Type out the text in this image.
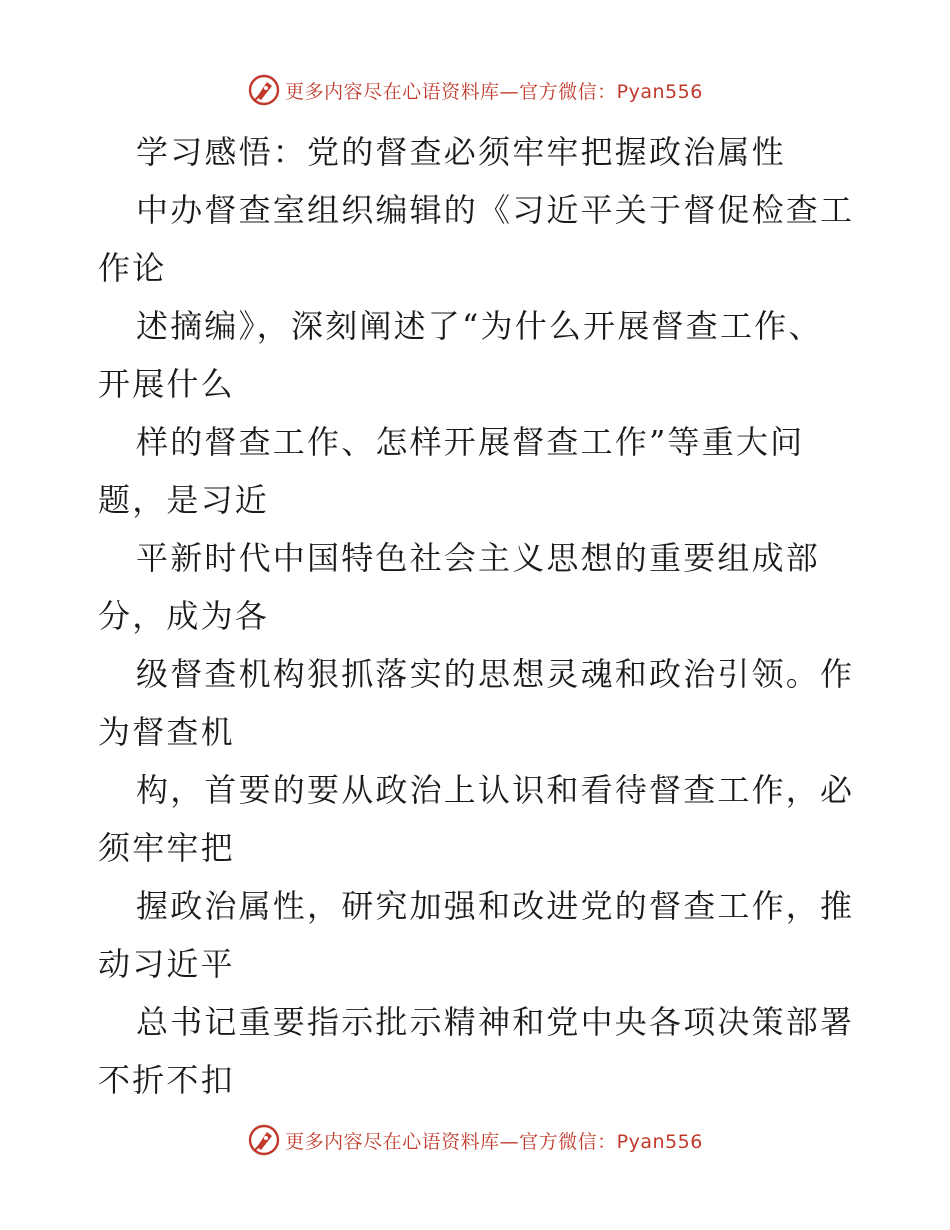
更多内容尽在心语资料库—官方微信：Pyan556
学习感悟：党的督查必须牢牢把握政治属性
中办督查室组织编辑的《习近平关于督促检查工
作论
述摘编》，深刻阐述了“为什么开展督查工作、
开展什么
样的督查工作、怎样开展督查工作”等重大问
题，是习近
平新时代中国特色社会主义思想的重要组成部
分，成为各
级督查机构狠抓落实的思想灵魂和政治引领。作
为督查机
构，首要的要从政治上认识和看待督查工作，必
须牢牢把
握政治属性，研究加强和改进党的督查工作，推
动习近平
总书记重要指示批示精神和党中央各项决策部署
不折不扣
更多内容尽在心语资料库—官方微信：Pyan556
